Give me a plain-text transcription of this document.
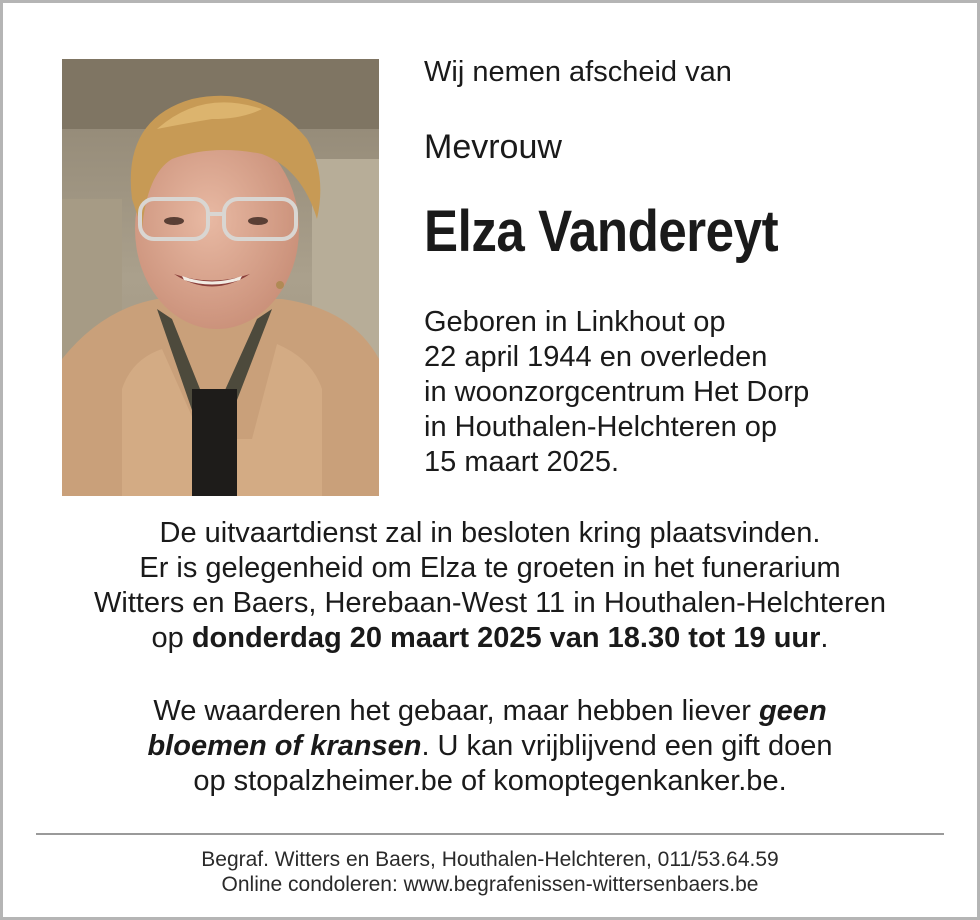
Wij nemen afscheid van

Mevrouw

Elza Vandereyt
Geboren in Linkhout op
22 april 1944 en overleden
in woonzorgcentrum Het Dorp
in Houthalen-Helchteren op
15 maart 2025.
De uitvaartdienst zal in besloten kring plaatsvinden.
Er is gelegenheid om Elza te groeten in het funerarium
Witters en Baers, Herebaan-West 11 in Houthalen-Helchteren
op donderdag 20 maart 2025 van 18.30 tot 19 uur.
We waarderen het gebaar, maar hebben liever geen
bloemen of kransen. U kan vrijblijvend een gift doen
op stopalzheimer.be of komoptegenkanker.be.
Begraf. Witters en Baers, Houthalen-Helchteren, 011/53.64.59
Online condoleren: www.begrafenissen-wittersenbaers.be
